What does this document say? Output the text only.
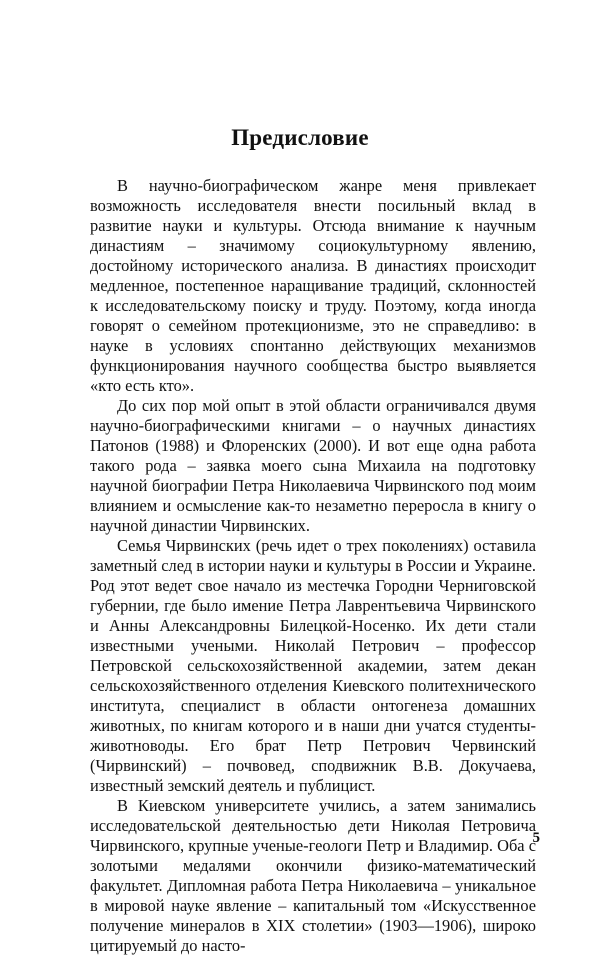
Предисловие

В научно-биографическом жанре меня привлекает возможность исследователя внести посильный вклад в развитие науки и культуры. Отсюда внимание к научным династиям – значимому социокультурному явлению, достойному исторического анализа. В династиях происходит медленное, постепенное наращивание традиций, склонностей к исследовательскому поиску и труду. Поэтому, когда иногда говорят о семейном протекционизме, это не справедливо: в науке в условиях спонтанно действующих механизмов функционирования научного сообщества быстро выявляется «кто есть кто».

До сих пор мой опыт в этой области ограничивался двумя научно-биографическими книгами – о научных династиях Патонов (1988) и Флоренских (2000). И вот еще одна работа такого рода – заявка моего сына Михаила на подготовку научной биографии Петра Николаевича Чирвинского под моим влиянием и осмысление как-то незаметно переросла в книгу о научной династии Чирвинских.

Семья Чирвинских (речь идет о трех поколениях) оставила заметный след в истории науки и культуры в России и Украине. Род этот ведет свое начало из местечка Городни Черниговской губернии, где было имение Петра Лаврентьевича Чирвинского и Анны Александровны Билецкой-Носенко. Их дети стали известными учеными. Николай Петрович – профессор Петровской сельскохозяйственной академии, затем декан сельскохозяйственного отделения Киевского политехнического института, специалист в области онтогенеза домашних животных, по книгам которого и в наши дни учатся студенты-животноводы. Его брат Петр Петрович Червинский (Чирвинский) – почвовед, сподвижник В.В. Докучаева, известный земский деятель и публицист.

В Киевском университете учились, а затем занимались исследовательской деятельностью дети Николая Петровича Чирвинского, крупные ученые-геологи Петр и Владимир. Оба с золотыми медалями окончили физико-математический факультет. Дипломная работа Петра Николаевича – уникальное в мировой науке явление – капитальный том «Искусственное получение минералов в XIX столетии» (1903—1906), широко цитируемый до насто-

5
